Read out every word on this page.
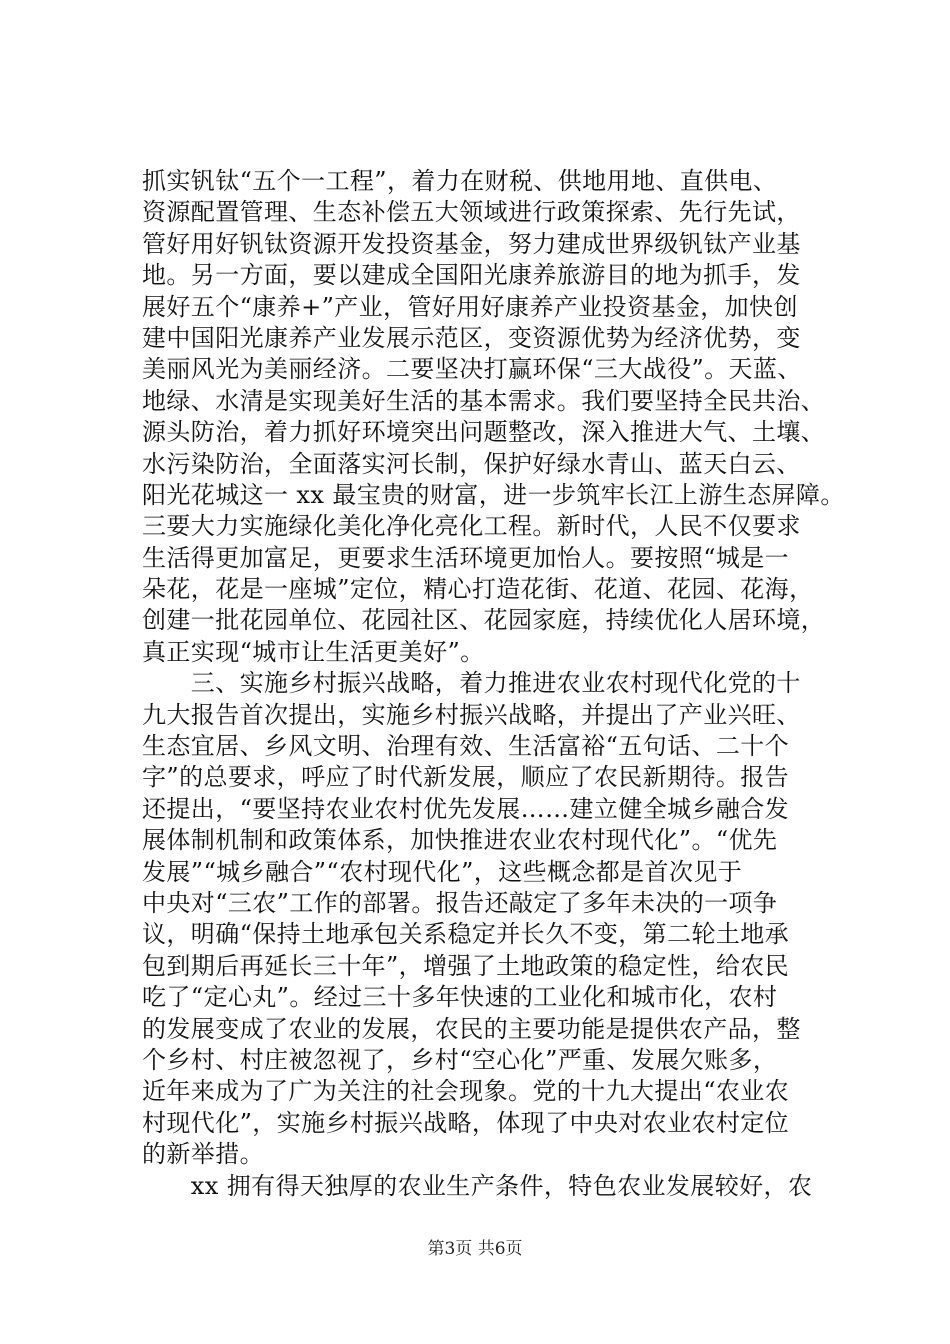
抓实钒钛“五个一工程”，着力在财税、供地用地、直供电、
资源配置管理、生态补偿五大领域进行政策探索、先行先试，
管好用好钒钛资源开发投资基金，努力建成世界级钒钛产业基
地。另一方面，要以建成全国阳光康养旅游目的地为抓手，发
展好五个“康养+”产业，管好用好康养产业投资基金，加快创
建中国阳光康养产业发展示范区，变资源优势为经济优势，变
美丽风光为美丽经济。二要坚决打赢环保“三大战役”。天蓝、
地绿、水清是实现美好生活的基本需求。我们要坚持全民共治、
源头防治，着力抓好环境突出问题整改，深入推进大气、土壤、
水污染防治，全面落实河长制，保护好绿水青山、蓝天白云、
阳光花城这一 xx 最宝贵的财富，进一步筑牢长江上游生态屏障。
三要大力实施绿化美化净化亮化工程。新时代，人民不仅要求
生活得更加富足，更要求生活环境更加怡人。要按照“城是一
朵花，花是一座城”定位，精心打造花街、花道、花园、花海，
创建一批花园单位、花园社区、花园家庭，持续优化人居环境，
真正实现“城市让生活更美好”。
　　三、实施乡村振兴战略，着力推进农业农村现代化党的十
九大报告首次提出，实施乡村振兴战略，并提出了产业兴旺、
生态宜居、乡风文明、治理有效、生活富裕“五句话、二十个
字”的总要求，呼应了时代新发展，顺应了农民新期待。报告
还提出，“要坚持农业农村优先发展……建立健全城乡融合发
展体制机制和政策体系，加快推进农业农村现代化”。“优先
发展”“城乡融合”“农村现代化”，这些概念都是首次见于
中央对“三农”工作的部署。报告还敲定了多年未决的一项争
议，明确“保持土地承包关系稳定并长久不变，第二轮土地承
包到期后再延长三十年”，增强了土地政策的稳定性，给农民
吃了“定心丸”。经过三十多年快速的工业化和城市化，农村
的发展变成了农业的发展，农民的主要功能是提供农产品，整
个乡村、村庄被忽视了，乡村“空心化”严重、发展欠账多，
近年来成为了广为关注的社会现象。党的十九大提出“农业农
村现代化”，实施乡村振兴战略，体现了中央对农业农村定位
的新举措。
　　xx 拥有得天独厚的农业生产条件，特色农业发展较好，农
第3页 共6页
